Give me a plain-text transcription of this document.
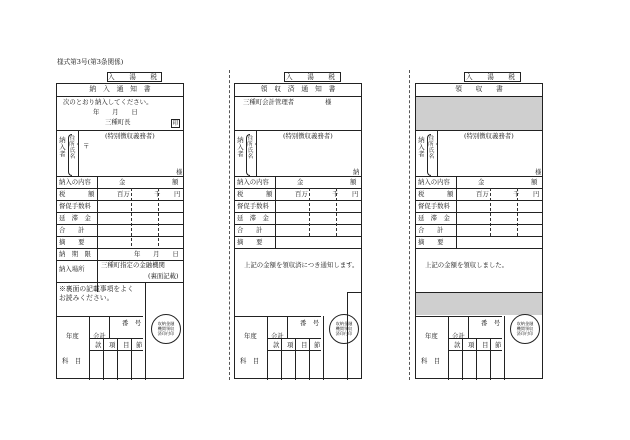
様式第3号(第3条関係)
入　湯　税
納　入　通　知　書
次のとおり納入してください。
年　　月　　日
三種町長	印
納入者
住所・氏名
(特別徴収義務者)
〒
様
納入の内容	金	額
税	額	百万	千 円
督促手数料
延　滞　金
合　　計
摘　　要
納　期　限	年　　月　　日
納入場所	三種町指定の金融機関
(裏面記載)
※裏面の記載事項をよくお読みください。
収納金融
機関領収
済印付印
年度 会計
番　号
款 項 目 節
科　目
入　湯　税
領　収　済　通　知　書
三種町会計管理者	様
納入者
住所・氏名
(特別徴収義務者)
納
納入の内容	金	額
税	額	百万	千 円
督促手数料
延　滞　金
合　　計
摘　　要
上記の金額を領収済につき通知します。
収納金融
機関領収
済印付印
年度 会計
番　号
款 項 目 節
科　目
入　湯　税
領　　収　　書
納入者
住所・氏名
(特別徴収義務者)
様
納入の内容	金	額
税	額	百万	千 円
督促手数料
延　滞　金
合　　計
摘　　要
上記の金額を領収しました。
収納金融
機関領収
済印付印
年度 会計
番　号
款 項 目 節
科　目
